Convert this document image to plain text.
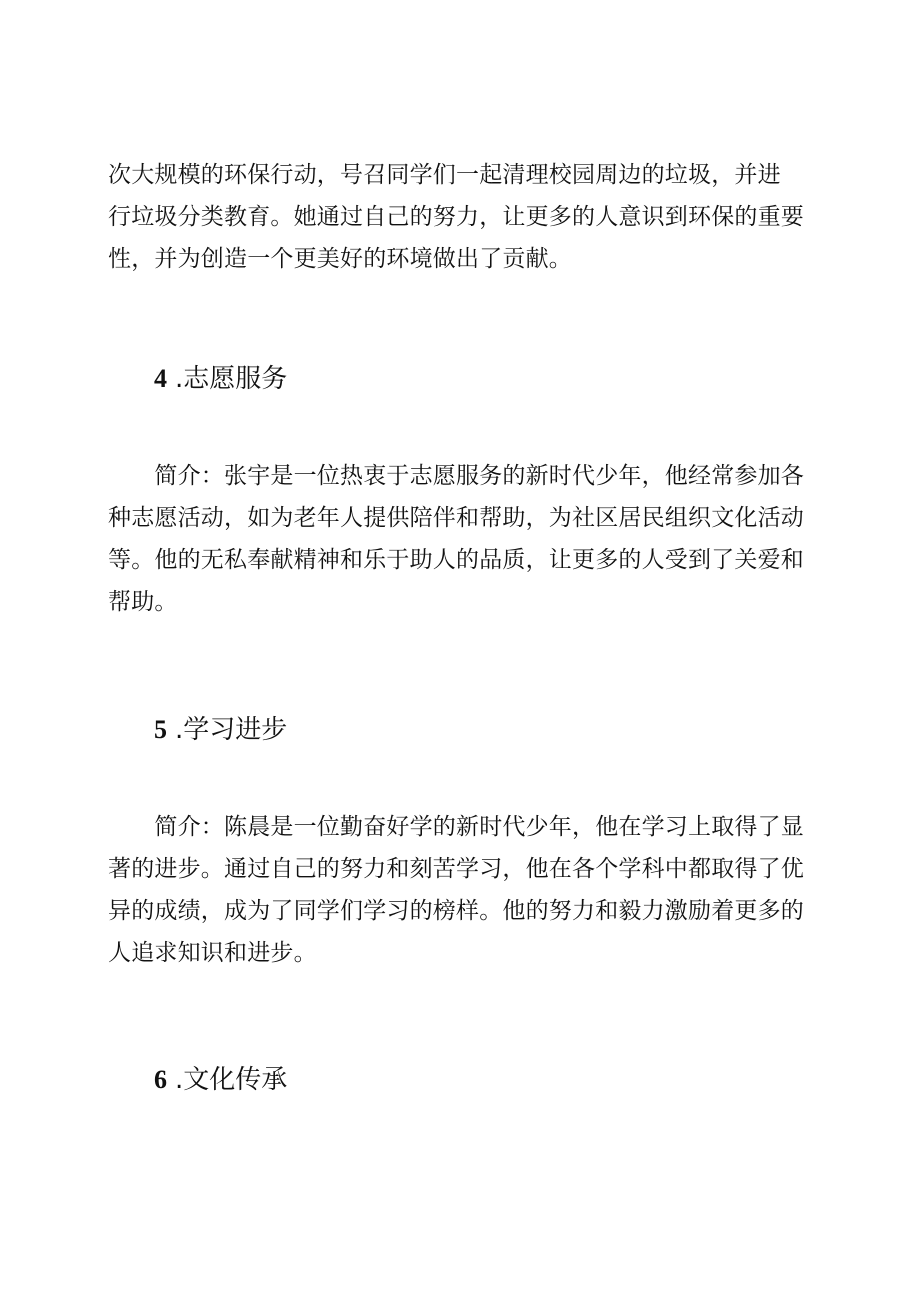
次大规模的环保行动，号召同学们一起清理校园周边的垃圾，并进
行垃圾分类教育。她通过自己的努力，让更多的人意识到环保的重要
性，并为创造一个更美好的环境做出了贡献。

4 .志愿服务

　　简介：张宇是一位热衷于志愿服务的新时代少年，他经常参加各
种志愿活动，如为老年人提供陪伴和帮助，为社区居民组织文化活动
等。他的无私奉献精神和乐于助人的品质，让更多的人受到了关爱和
帮助。

5 .学习进步

　　简介：陈晨是一位勤奋好学的新时代少年，他在学习上取得了显
著的进步。通过自己的努力和刻苦学习，他在各个学科中都取得了优
异的成绩，成为了同学们学习的榜样。他的努力和毅力激励着更多的
人追求知识和进步。

6 .文化传承
